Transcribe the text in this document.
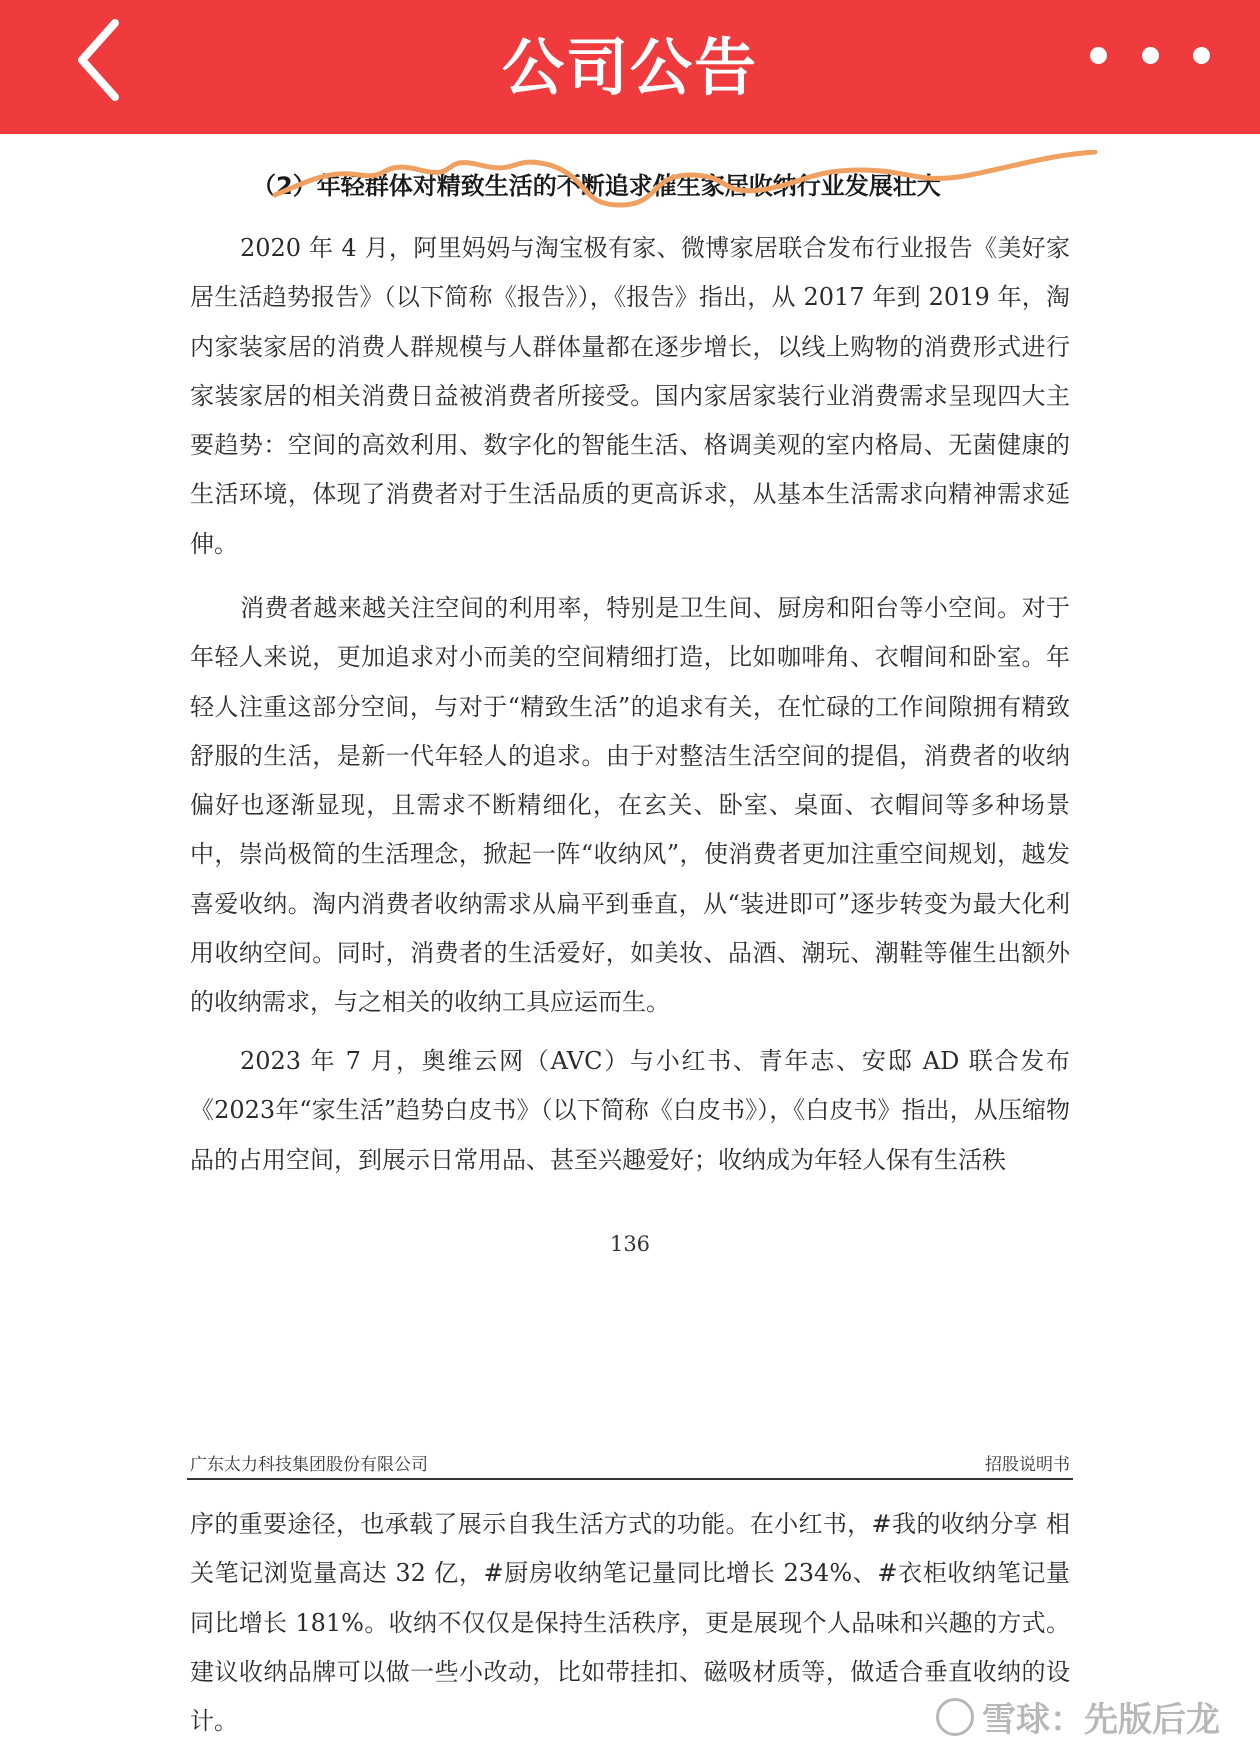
公司公告
（2）年轻群体对精致生活的不断追求催生家居收纳行业发展壮大
2020 年 4 月，阿里妈妈与淘宝极有家、微博家居联合发布行业报告《美好家居生活趋势报告》（以下简称《报告》），《报告》指出，从 2017 年到 2019 年，淘内家装家居的消费人群规模与人群体量都在逐步增长，以线上购物的消费形式进行家装家居的相关消费日益被消费者所接受。国内家居家装行业消费需求呈现四大主要趋势：空间的高效利用、数字化的智能生活、格调美观的室内格局、无菌健康的生活环境，体现了消费者对于生活品质的更高诉求，从基本生活需求向精神需求延伸。
消费者越来越关注空间的利用率，特别是卫生间、厨房和阳台等小空间。对于年轻人来说，更加追求对小而美的空间精细打造，比如咖啡角、衣帽间和卧室。年轻人注重这部分空间，与对于“精致生活”的追求有关，在忙碌的工作间隙拥有精致舒服的生活，是新一代年轻人的追求。由于对整洁生活空间的提倡，消费者的收纳偏好也逐渐显现，且需求不断精细化，在玄关、卧室、桌面、衣帽间等多种场景中，崇尚极简的生活理念，掀起一阵“收纳风”，使消费者更加注重空间规划，越发喜爱收纳。淘内消费者收纳需求从扁平到垂直，从“装进即可”逐步转变为最大化利用收纳空间。同时，消费者的生活爱好，如美妆、品酒、潮玩、潮鞋等催生出额外的收纳需求，与之相关的收纳工具应运而生。
2023 年 7 月，奥维云网（AVC）与小红书、青年志、安邸 AD 联合发布《2023年“家生活”趋势白皮书》（以下简称《白皮书》），《白皮书》指出，从压缩物品的占用空间，到展示日常用品、甚至兴趣爱好；收纳成为年轻人保有生活秩
136
广东太力科技集团股份有限公司	招股说明书
序的重要途径，也承载了展示自我生活方式的功能。在小红书，#我的收纳分享 相关笔记浏览量高达 32 亿，#厨房收纳笔记量同比增长 234%、#衣柜收纳笔记量同比增长 181%。收纳不仅仅是保持生活秩序，更是展现个人品味和兴趣的方式。建议收纳品牌可以做一些小改动，比如带挂扣、磁吸材质等，做适合垂直收纳的设计。	雪球：先版后龙
